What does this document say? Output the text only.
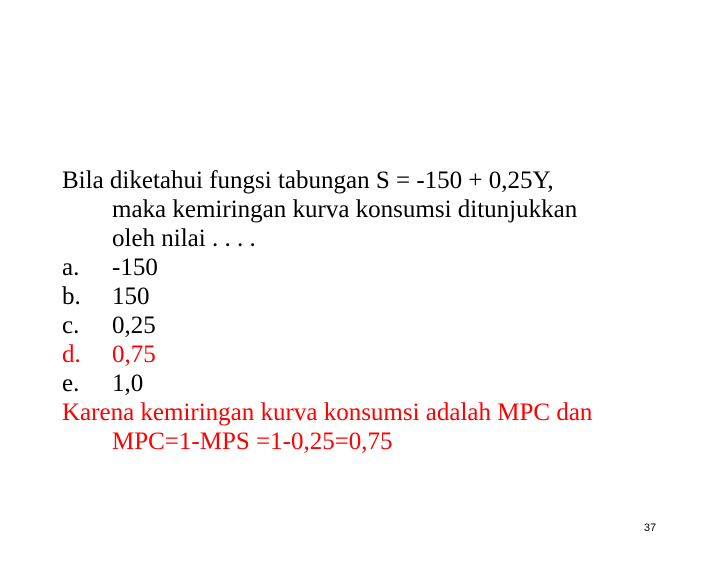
Bila diketahui fungsi tabungan S = -150 + 0,25Y,
maka kemiringan kurva konsumsi ditunjukkan
oleh nilai . . . .
a.	-150
b.	150
c.	0,25
d.	0,75
e.	1,0
Karena kemiringan kurva konsumsi adalah MPC dan
MPC=1-MPS =1-0,25=0,75
37
